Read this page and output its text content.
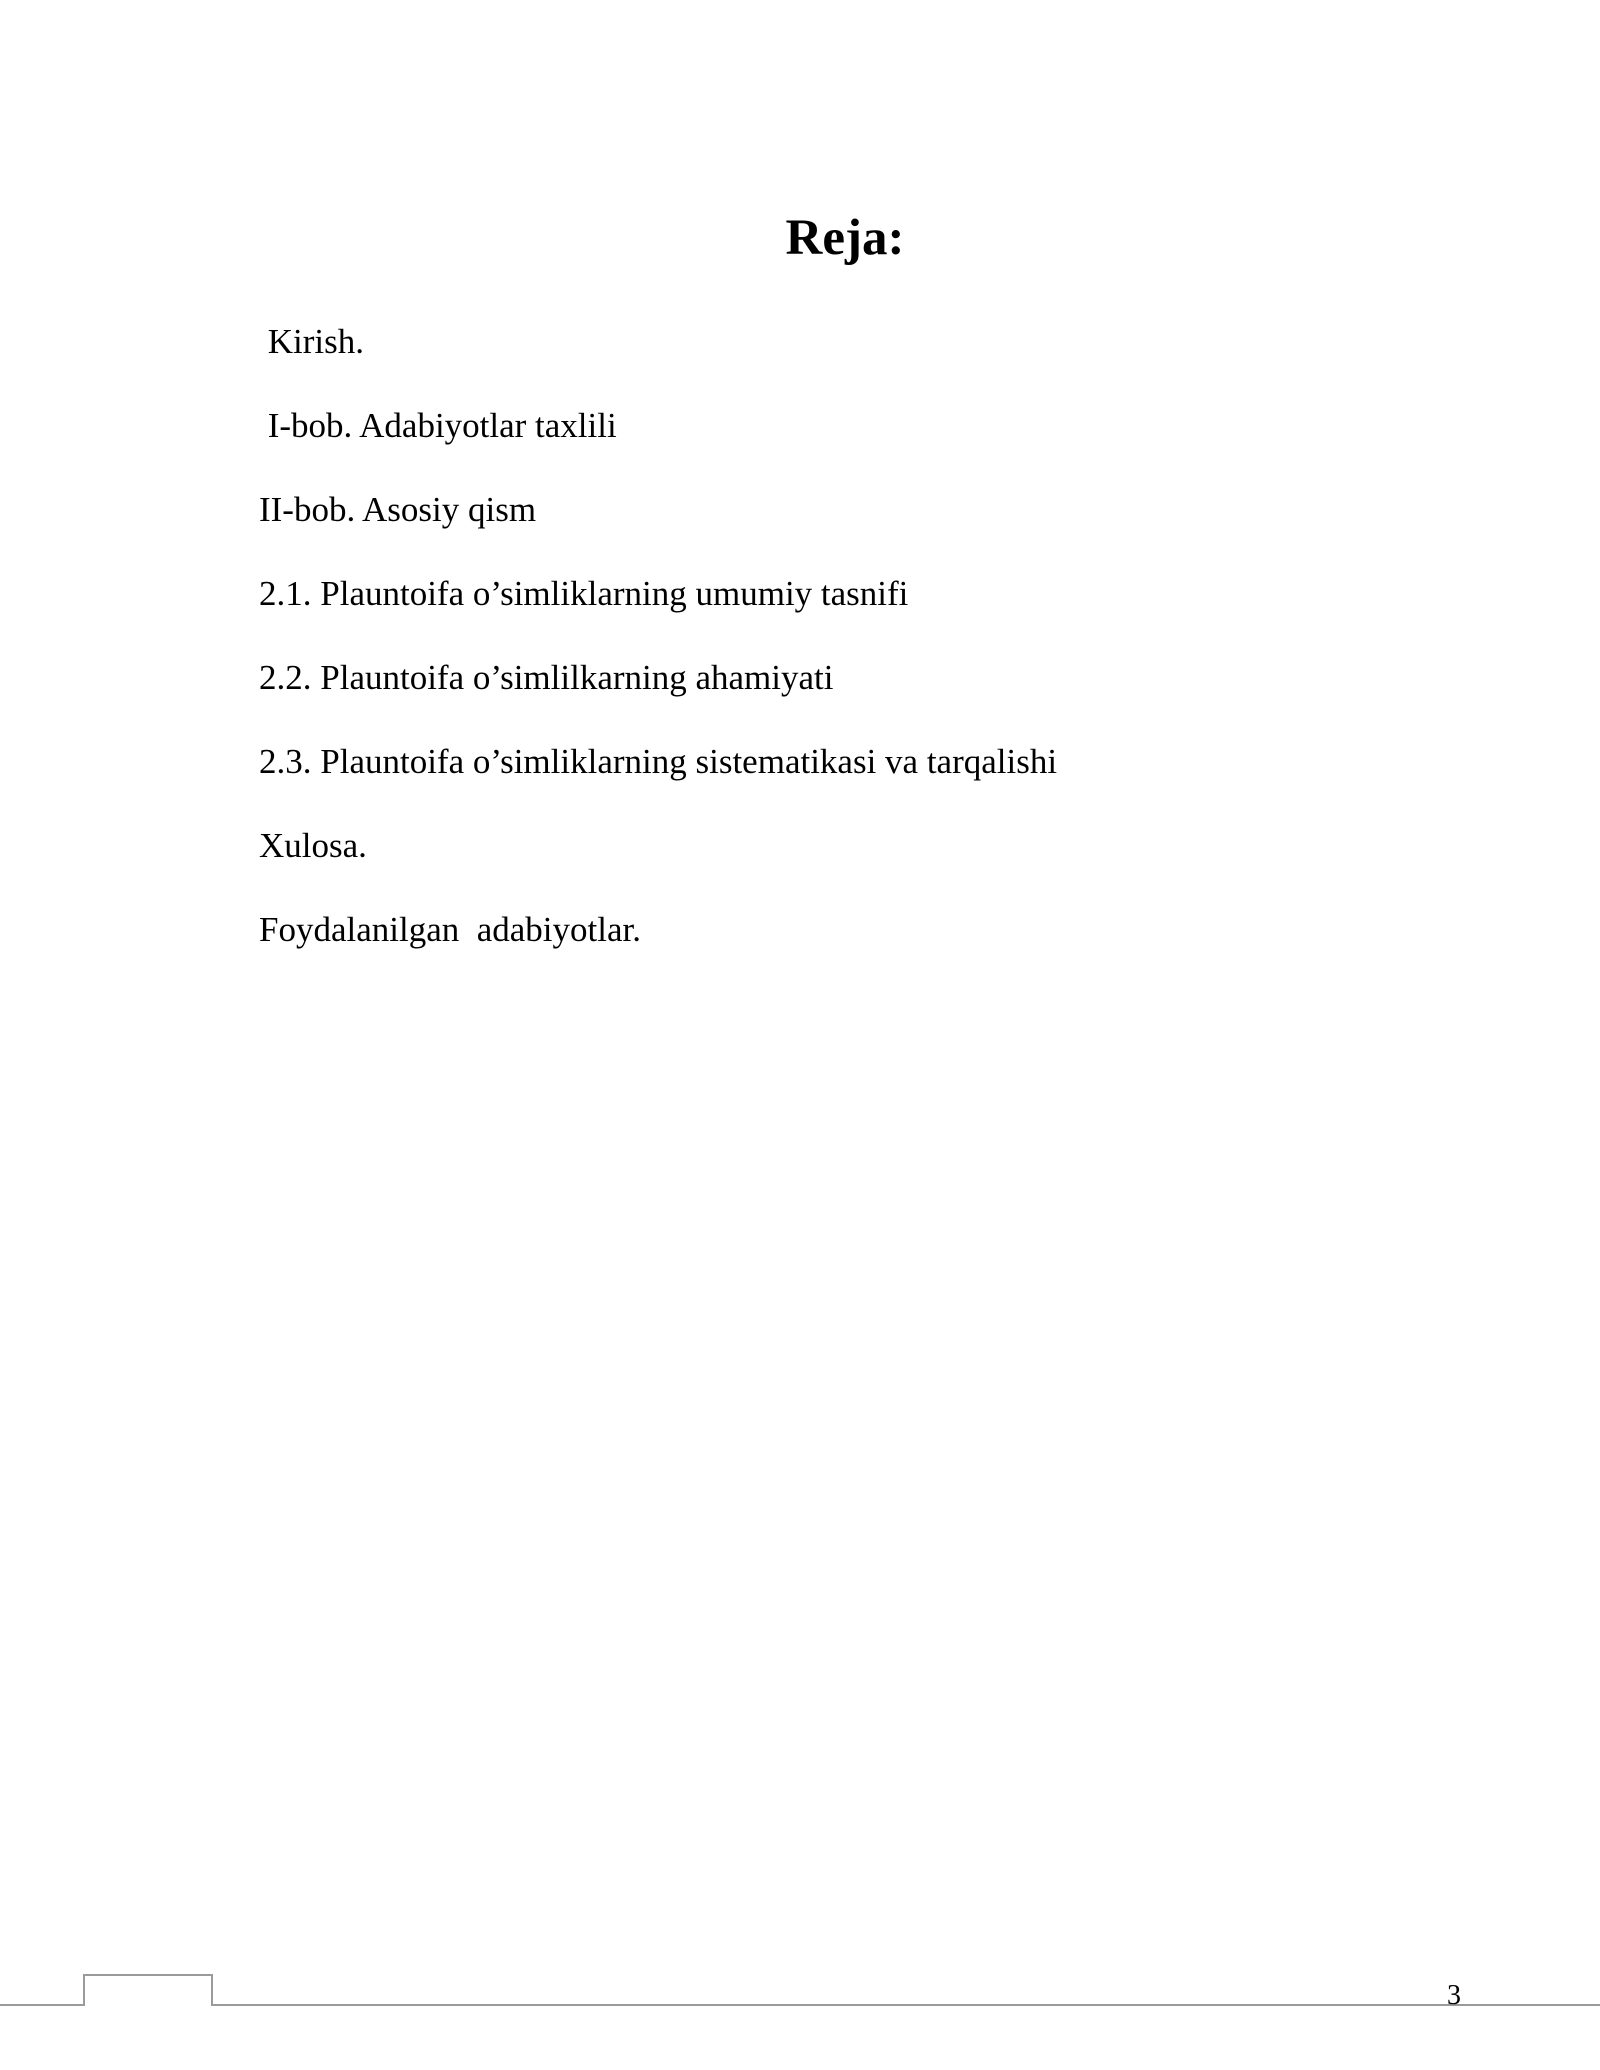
Reja:
Kirish.
I-bob. Adabiyotlar taxlili
II-bob. Asosiy qism
2.1. Plauntoifa o’simliklarning umumiy tasnifi
2.2. Plauntoifa o’simlilkarning ahamiyati
2.3. Plauntoifa o’simliklarning sistematikasi va tarqalishi
Xulosa.
Foydalanilgan  adabiyotlar.
3
